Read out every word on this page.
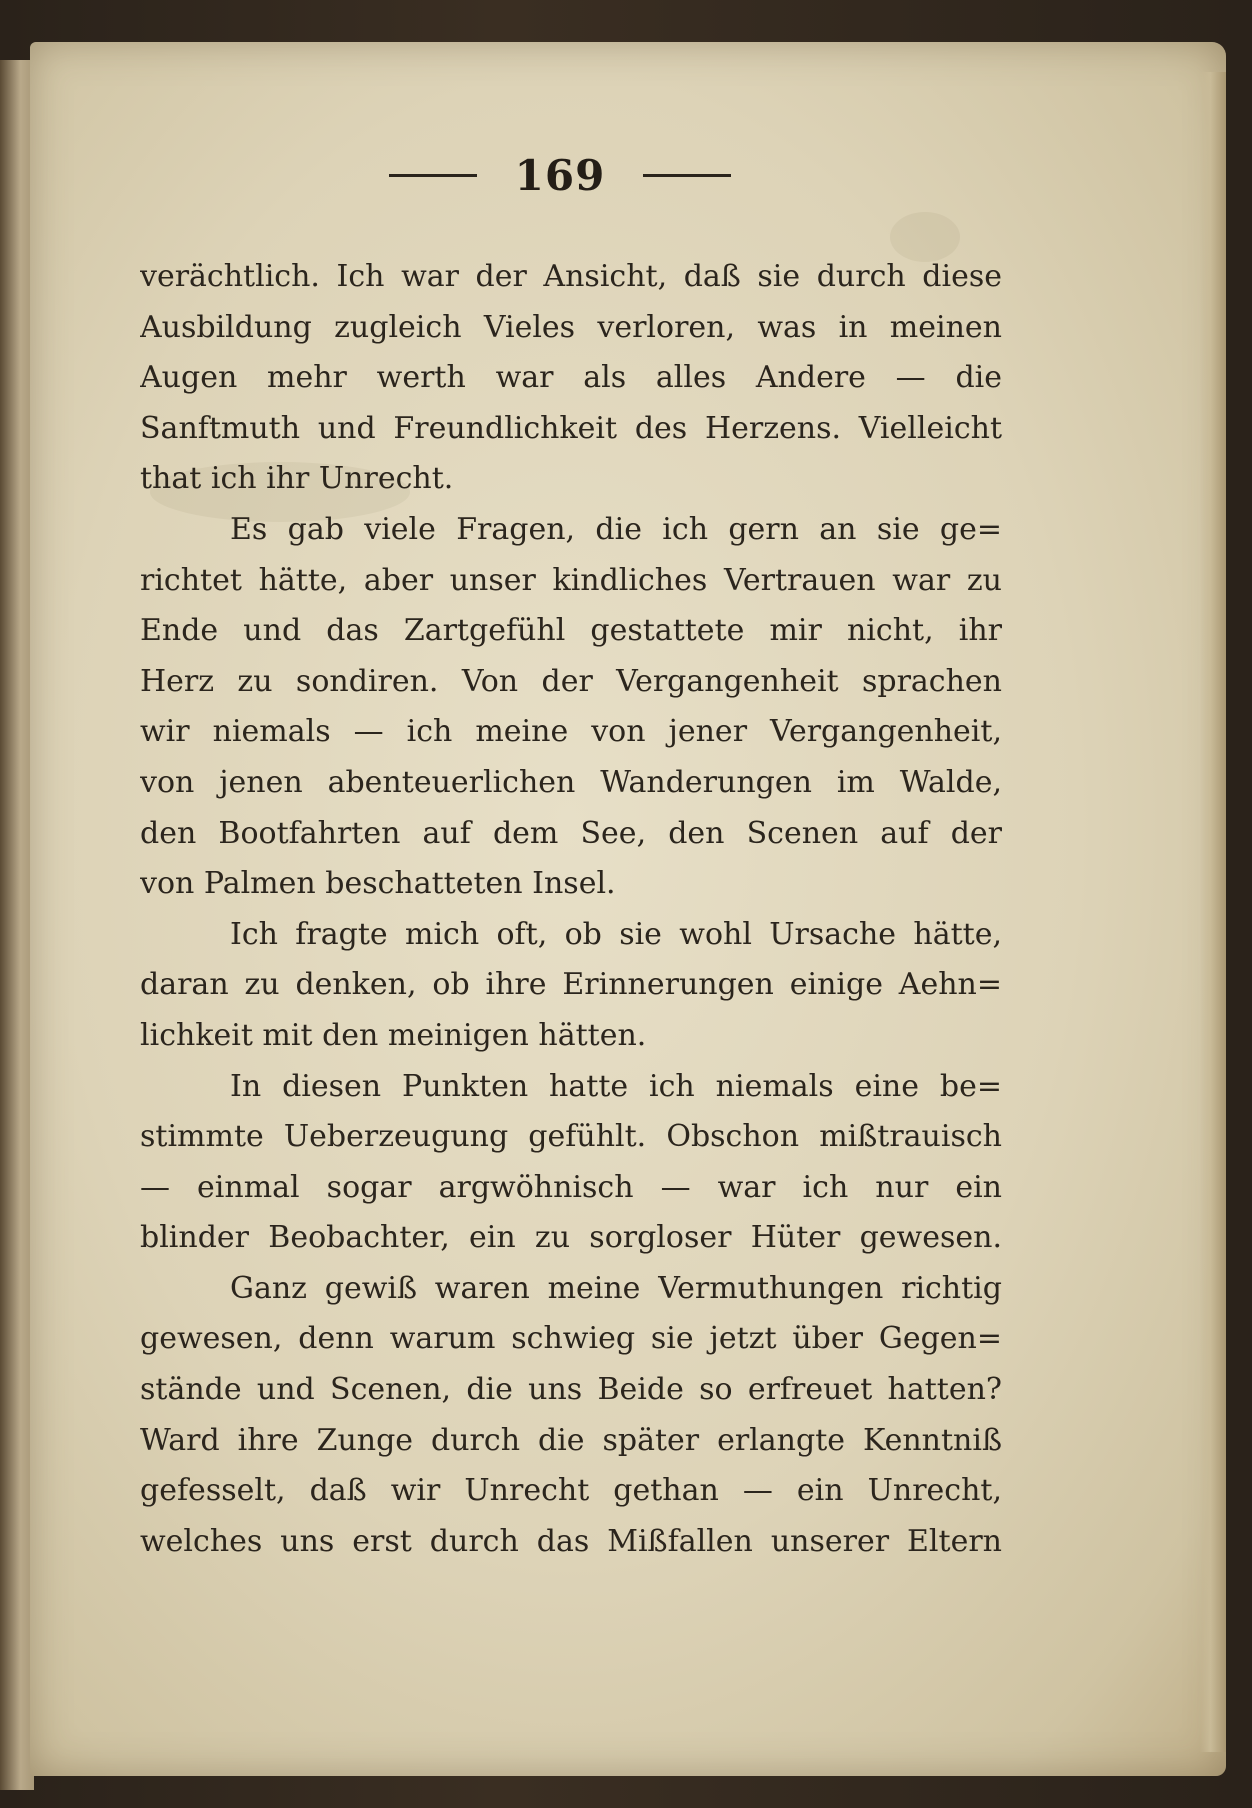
169
verächtlich. Ich war der Ansicht, daß sie durch diese
Ausbildung zugleich Vieles verloren, was in meinen
Augen mehr werth war als alles Andere — die
Sanftmuth und Freundlichkeit des Herzens. Vielleicht
that ich ihr Unrecht.
Es gab viele Fragen, die ich gern an sie ge=
richtet hätte, aber unser kindliches Vertrauen war zu
Ende und das Zartgefühl gestattete mir nicht, ihr
Herz zu sondiren. Von der Vergangenheit sprachen
wir niemals — ich meine von jener Vergangenheit,
von jenen abenteuerlichen Wanderungen im Walde,
den Bootfahrten auf dem See, den Scenen auf der
von Palmen beschatteten Insel.
Ich fragte mich oft, ob sie wohl Ursache hätte,
daran zu denken, ob ihre Erinnerungen einige Aehn=
lichkeit mit den meinigen hätten.
In diesen Punkten hatte ich niemals eine be=
stimmte Ueberzeugung gefühlt. Obschon mißtrauisch
— einmal sogar argwöhnisch — war ich nur ein
blinder Beobachter, ein zu sorgloser Hüter gewesen.
Ganz gewiß waren meine Vermuthungen richtig
gewesen, denn warum schwieg sie jetzt über Gegen=
stände und Scenen, die uns Beide so erfreuet hatten?
Ward ihre Zunge durch die später erlangte Kenntniß
gefesselt, daß wir Unrecht gethan — ein Unrecht,
welches uns erst durch das Mißfallen unserer Eltern
